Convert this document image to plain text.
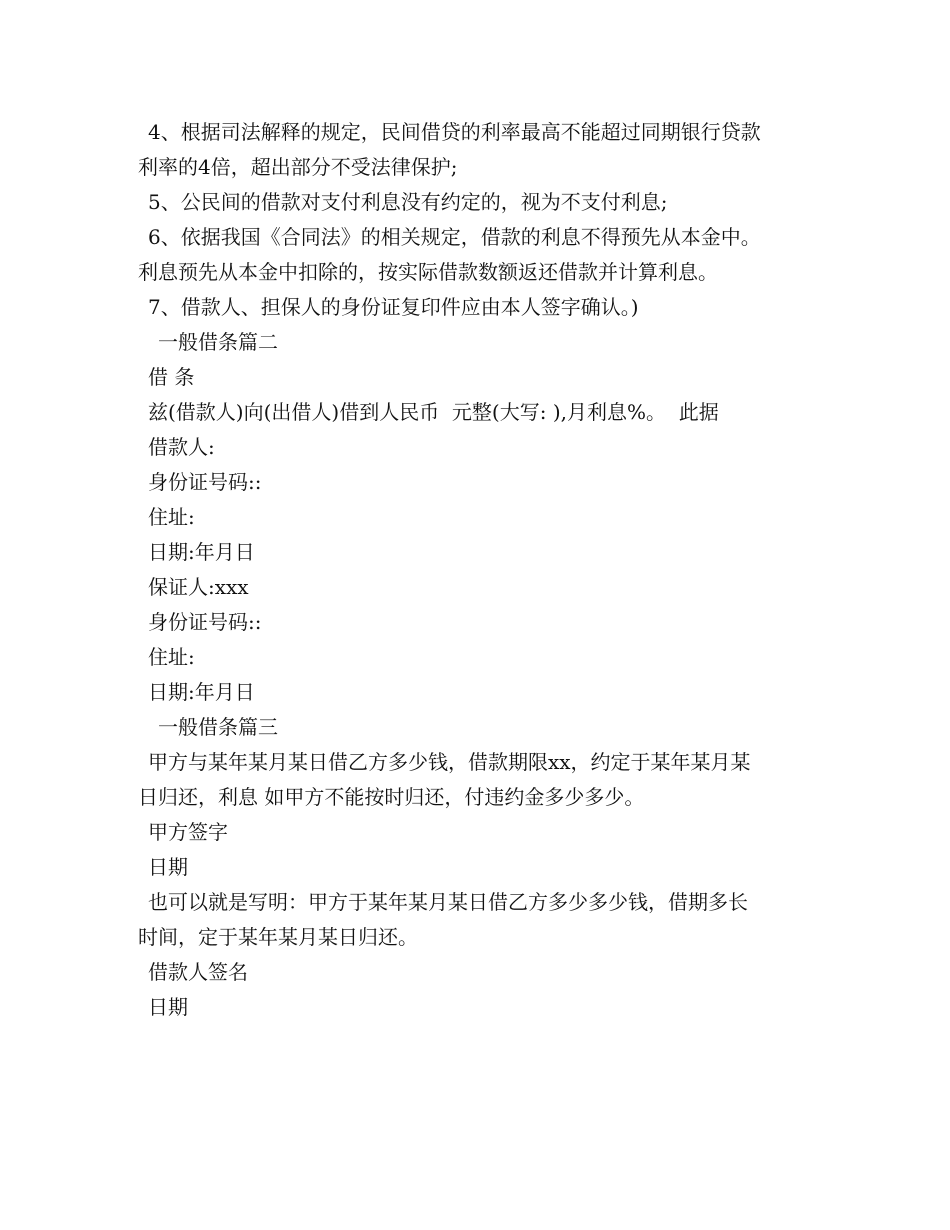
4、根据司法解释的规定，民间借贷的利率最高不能超过同期银行贷款
利率的4倍，超出部分不受法律保护;
5、公民间的借款对支付利息没有约定的，视为不支付利息;
6、依据我国《合同法》的相关规定，借款的利息不得预先从本金中。
利息预先从本金中扣除的，按实际借款数额返还借款并计算利息。
7、借款人、担保人的身份证复印件应由本人签字确认。)
一般借条篇二
借 条
兹(借款人)向(出借人)借到人民币  元整(大写: ),月利息%。  此据
借款人:
身份证号码::
住址:
日期:年月日
保证人:xxx
身份证号码::
住址:
日期:年月日
一般借条篇三
甲方与某年某月某日借乙方多少钱，借款期限xx，约定于某年某月某
日归还，利息 如甲方不能按时归还，付违约金多少多少。
甲方签字
日期
也可以就是写明：甲方于某年某月某日借乙方多少多少钱，借期多长
时间，定于某年某月某日归还。
借款人签名
日期
